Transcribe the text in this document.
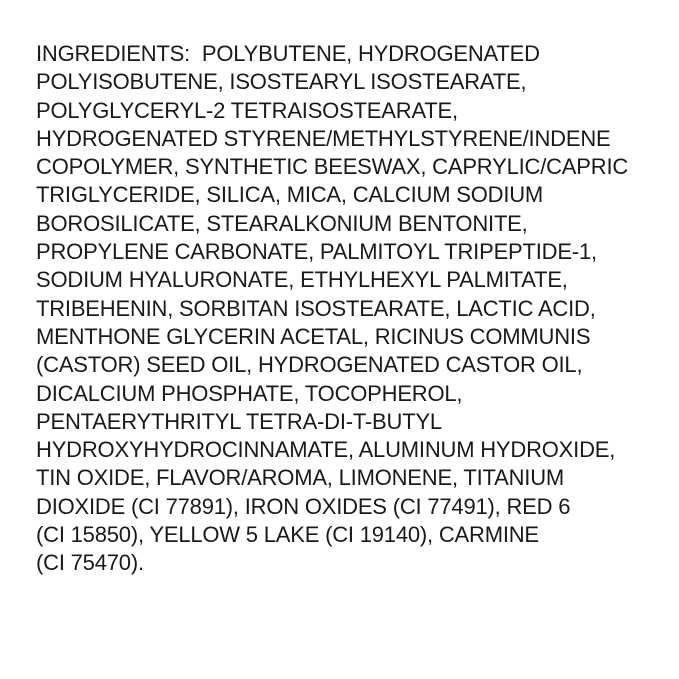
INGREDIENTS:  POLYBUTENE, HYDROGENATED
POLYISOBUTENE, ISOSTEARYL ISOSTEARATE,
POLYGLYCERYL-2 TETRAISOSTEARATE,
HYDROGENATED STYRENE/METHYLSTYRENE/INDENE
COPOLYMER, SYNTHETIC BEESWAX, CAPRYLIC/CAPRIC
TRIGLYCERIDE, SILICA, MICA, CALCIUM SODIUM
BOROSILICATE, STEARALKONIUM BENTONITE,
PROPYLENE CARBONATE, PALMITOYL TRIPEPTIDE-1,
SODIUM HYALURONATE, ETHYLHEXYL PALMITATE,
TRIBEHENIN, SORBITAN ISOSTEARATE, LACTIC ACID,
MENTHONE GLYCERIN ACETAL, RICINUS COMMUNIS
(CASTOR) SEED OIL, HYDROGENATED CASTOR OIL,
DICALCIUM PHOSPHATE, TOCOPHEROL,
PENTAERYTHRITYL TETRA-DI-T-BUTYL
HYDROXYHYDROCINNAMATE, ALUMINUM HYDROXIDE,
TIN OXIDE, FLAVOR/AROMA, LIMONENE, TITANIUM
DIOXIDE (CI 77891), IRON OXIDES (CI 77491), RED 6
(CI 15850), YELLOW 5 LAKE (CI 19140), CARMINE
(CI 75470).
